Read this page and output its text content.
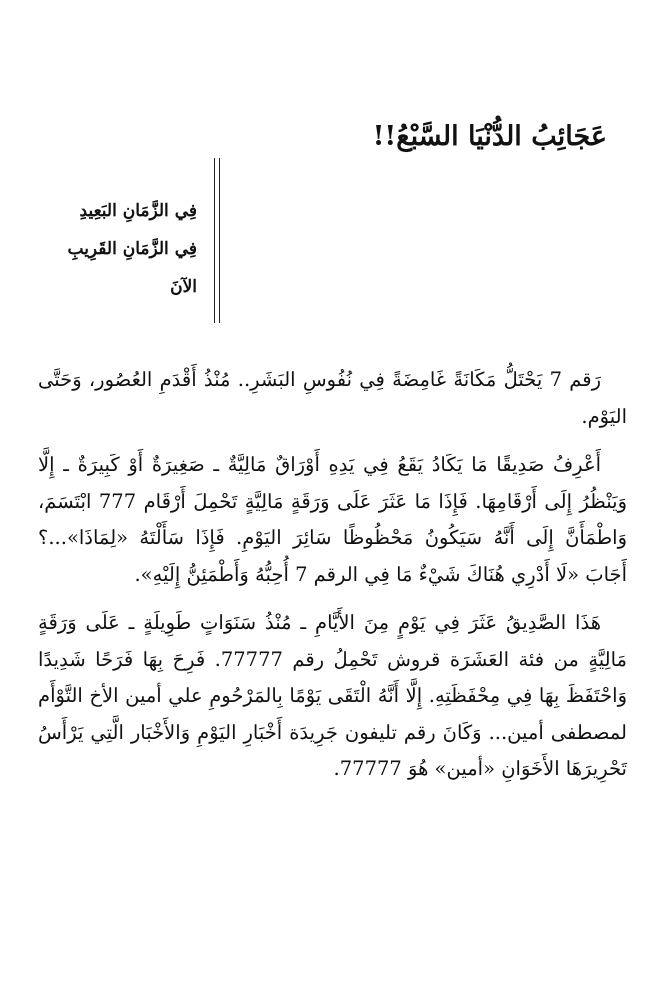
عَجَائِبُ الدُّنْيَا السَّبْعُ!!
فِي الزَّمَانِ البَعِيدِ
فِي الزَّمَانِ القَرِيبِ
الآنَ

رَقم 7 يَحْتَلُّ مَكَانَةً غَامِضَةً فِي نُفُوسِ البَشَرِ.. مُنْذُ أَقْدَمِ العُصُور، وَحَتَّى اليَوْم.

أَعْرِفُ صَدِيقًا مَا يَكَادُ يَقَعُ فِي يَدِهِ أَوْرَاقٌ مَالِيَّةٌ ـ صَغِيرَةٌ أَوْ كَبِيرَةٌ ـ إِلَّا وَيَنْظُرُ إِلَى أَرْقَامِهَا. فَإِذَا مَا عَثَرَ عَلَى وَرَقَةٍ مَالِيَّةٍ تَحْمِلَ أَرْقَام 777 ابْتَسَمَ، وَاطْمَأَنَّ إِلَى أَنَّهُ سَيَكُونُ مَحْظُوظًا سَائِرَ اليَوْمِ. فَإِذَا سَأَلْتَهُ «لِمَاذَا»...؟ أَجَابَ «لَا أَدْرِي هُنَاكَ شَيْءٌ مَا فِي الرقم 7 أُحِبُّهُ وَأَطْمَئِنُّ إِلَيْهِ».

هَذَا الصَّدِيقُ عَثَرَ فِي يَوْمٍ مِنَ الأَيَّامِ ـ مُنْذُ سَنَوَاتٍ طَوِيلَةٍ ـ عَلَى وَرَقَةٍ مَالِيَّةٍ من فئة العَشَرَة قروش تَحْمِلُ رقم 77777. فَرِحَ بِهَا فَرَحًا شَدِيدًا وَاحْتَفَظَ بِهَا فِي مِحْفَظَتِهِ. إِلَّا أَنَّهُ الْتَقَى يَوْمًا بِالمَرْحُومِ علي أمين الأخ التَّوْأَم لمصطفى أمين... وَكَانَ رقم تليفون جَرِيدَة أَخْبَارِ اليَوْمِ وَالأَخْبَار الَّتِي يَرْأَسُ تَحْرِيرَهَا الأَخَوَانِ «أمين» هُوَ 77777.
